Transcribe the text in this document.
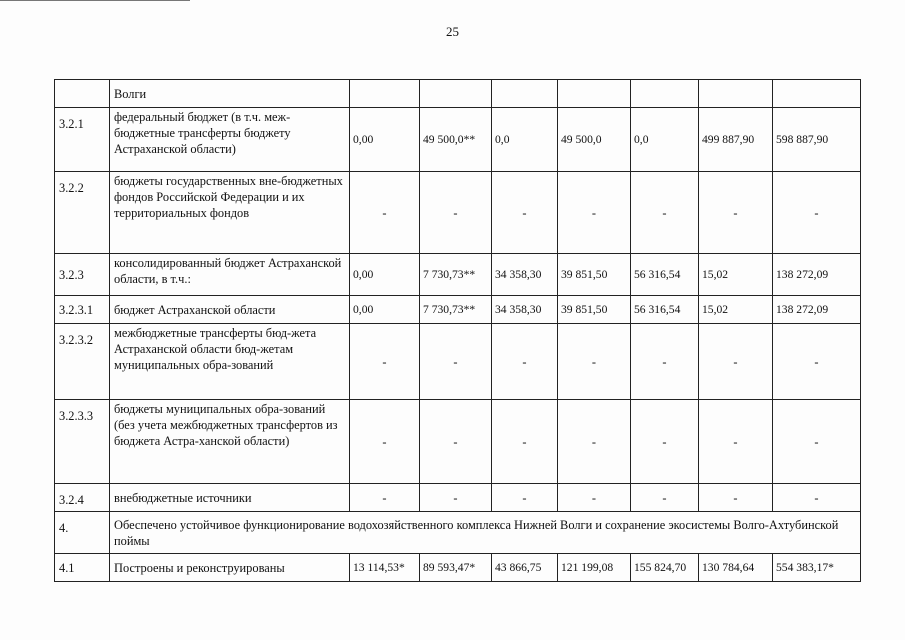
25
	Волги							
3.2.1	федеральный бюджет (в т.ч. меж-бюджетные трансферты бюджету Астраханской области)	0,00	49 500,0**	0,0	49 500,0	0,0	499 887,90	598 887,90
3.2.2	бюджеты государственных вне-бюджетных фондов Российской Федерации и их территориальных фондов	-	-	-	-	-	-	-
3.2.3	консолидированный бюджет Астраханской области, в т.ч.:	0,00	7 730,73**	34 358,30	39 851,50	56 316,54	15,02	138 272,09
3.2.3.1	бюджет Астраханской области	0,00	7 730,73**	34 358,30	39 851,50	56 316,54	15,02	138 272,09
3.2.3.2	межбюджетные трансферты бюд-жета Астраханской области бюд-жетам муниципальных обра-зований	-	-	-	-	-	-	-
3.2.3.3	бюджеты муниципальных обра-зований (без учета межбюджетных трансфертов из бюджета Астра-ханской области)	-	-	-	-	-	-	-
3.2.4	внебюджетные источники	-	-	-	-	-	-	-
4.	Обеспечено устойчивое функционирование водохозяйственного комплекса Нижней Волги и сохранение экосистемы Волго-Ахтубинской поймы							
4.1	Построены и реконструированы	13 114,53*	89 593,47*	43 866,75	121 199,08	155 824,70	130 784,64	554 383,17*
